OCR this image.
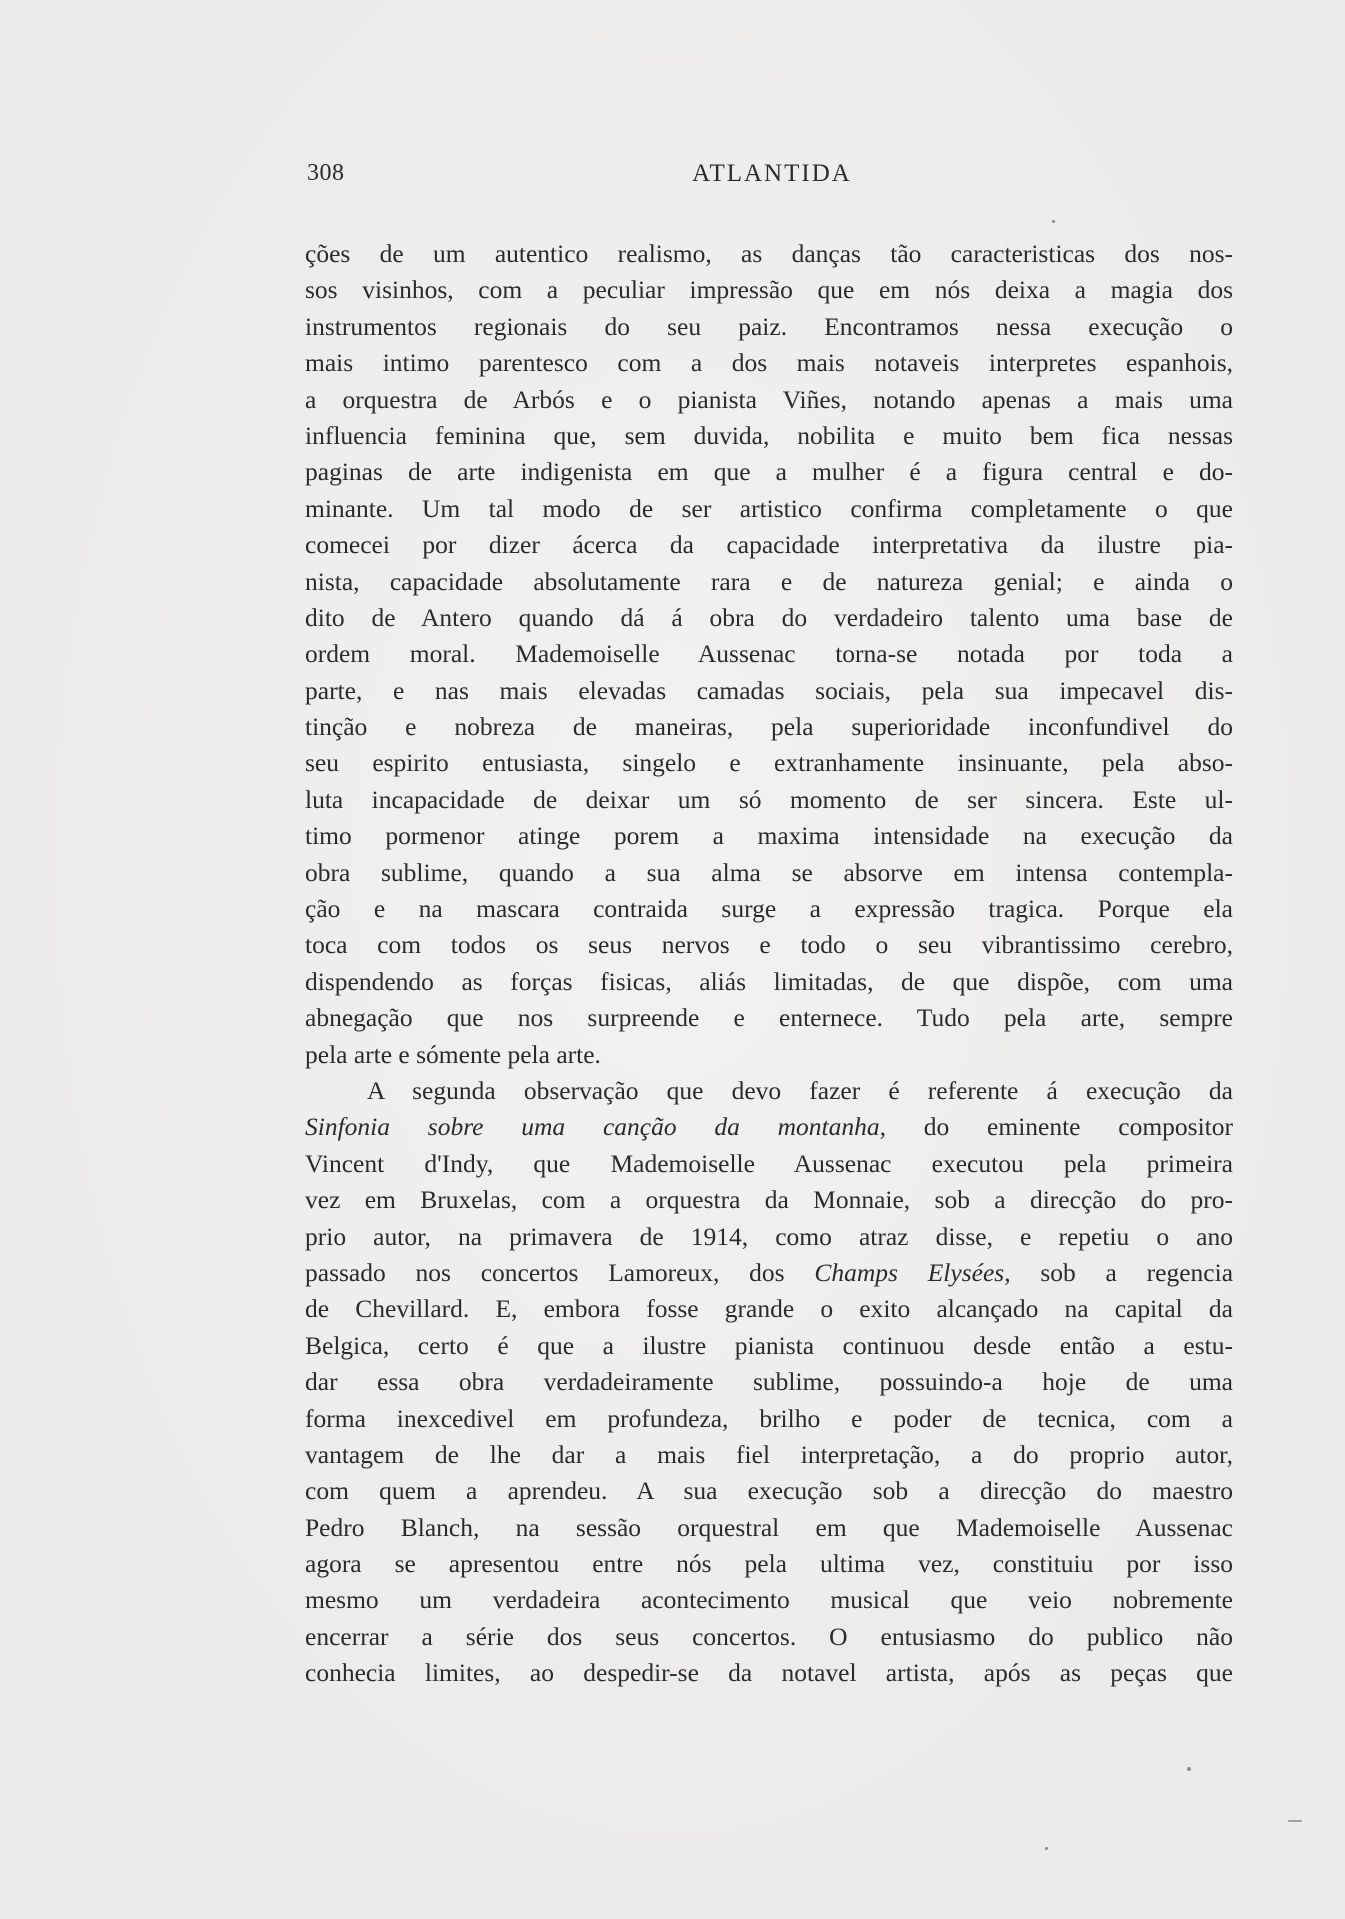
308	ATLANTIDA
ções de um autentico realismo, as danças tão caracteristicas dos nos-
sos visinhos, com a peculiar impressão que em nós deixa a magia dos
instrumentos regionais do seu paiz. Encontramos nessa execução o
mais intimo parentesco com a dos mais notaveis interpretes espanhois,
a orquestra de Arbós e o pianista Viñes, notando apenas a mais uma
influencia feminina que, sem duvida, nobilita e muito bem fica nessas
paginas de arte indigenista em que a mulher é a figura central e do-
minante. Um tal modo de ser artistico confirma completamente o que
comecei por dizer ácerca da capacidade interpretativa da ilustre pia-
nista, capacidade absolutamente rara e de natureza genial; e ainda o
dito de Antero quando dá á obra do verdadeiro talento uma base de
ordem moral. Mademoiselle Aussenac torna-se notada por toda a
parte, e nas mais elevadas camadas sociais, pela sua impecavel dis-
tinção e nobreza de maneiras, pela superioridade inconfundivel do
seu espirito entusiasta, singelo e extranhamente insinuante, pela abso-
luta incapacidade de deixar um só momento de ser sincera. Este ul-
timo pormenor atinge porem a maxima intensidade na execução da
obra sublime, quando a sua alma se absorve em intensa contempla-
ção e na mascara contraida surge a expressão tragica. Porque ela
toca com todos os seus nervos e todo o seu vibrantissimo cerebro,
dispendendo as forças fisicas, aliás limitadas, de que dispõe, com uma
abnegação que nos surpreende e enternece. Tudo pela arte, sempre
pela arte e sómente pela arte.
A segunda observação que devo fazer é referente á execução da
Sinfonia sobre uma canção da montanha, do eminente compositor
Vincent d'Indy, que Mademoiselle Aussenac executou pela primeira
vez em Bruxelas, com a orquestra da Monnaie, sob a direcção do pro-
prio autor, na primavera de 1914, como atraz disse, e repetiu o ano
passado nos concertos Lamoreux, dos Champs Elysées, sob a regencia
de Chevillard. E, embora fosse grande o exito alcançado na capital da
Belgica, certo é que a ilustre pianista continuou desde então a estu-
dar essa obra verdadeiramente sublime, possuindo-a hoje de uma
forma inexcedivel em profundeza, brilho e poder de tecnica, com a
vantagem de lhe dar a mais fiel interpretação, a do proprio autor,
com quem a aprendeu. A sua execução sob a direcção do maestro
Pedro Blanch, na sessão orquestral em que Mademoiselle Aussenac
agora se apresentou entre nós pela ultima vez, constituiu por isso
mesmo um verdadeira acontecimento musical que veio nobremente
encerrar a série dos seus concertos. O entusiasmo do publico não
conhecia limites, ao despedir-se da notavel artista, após as peças que
